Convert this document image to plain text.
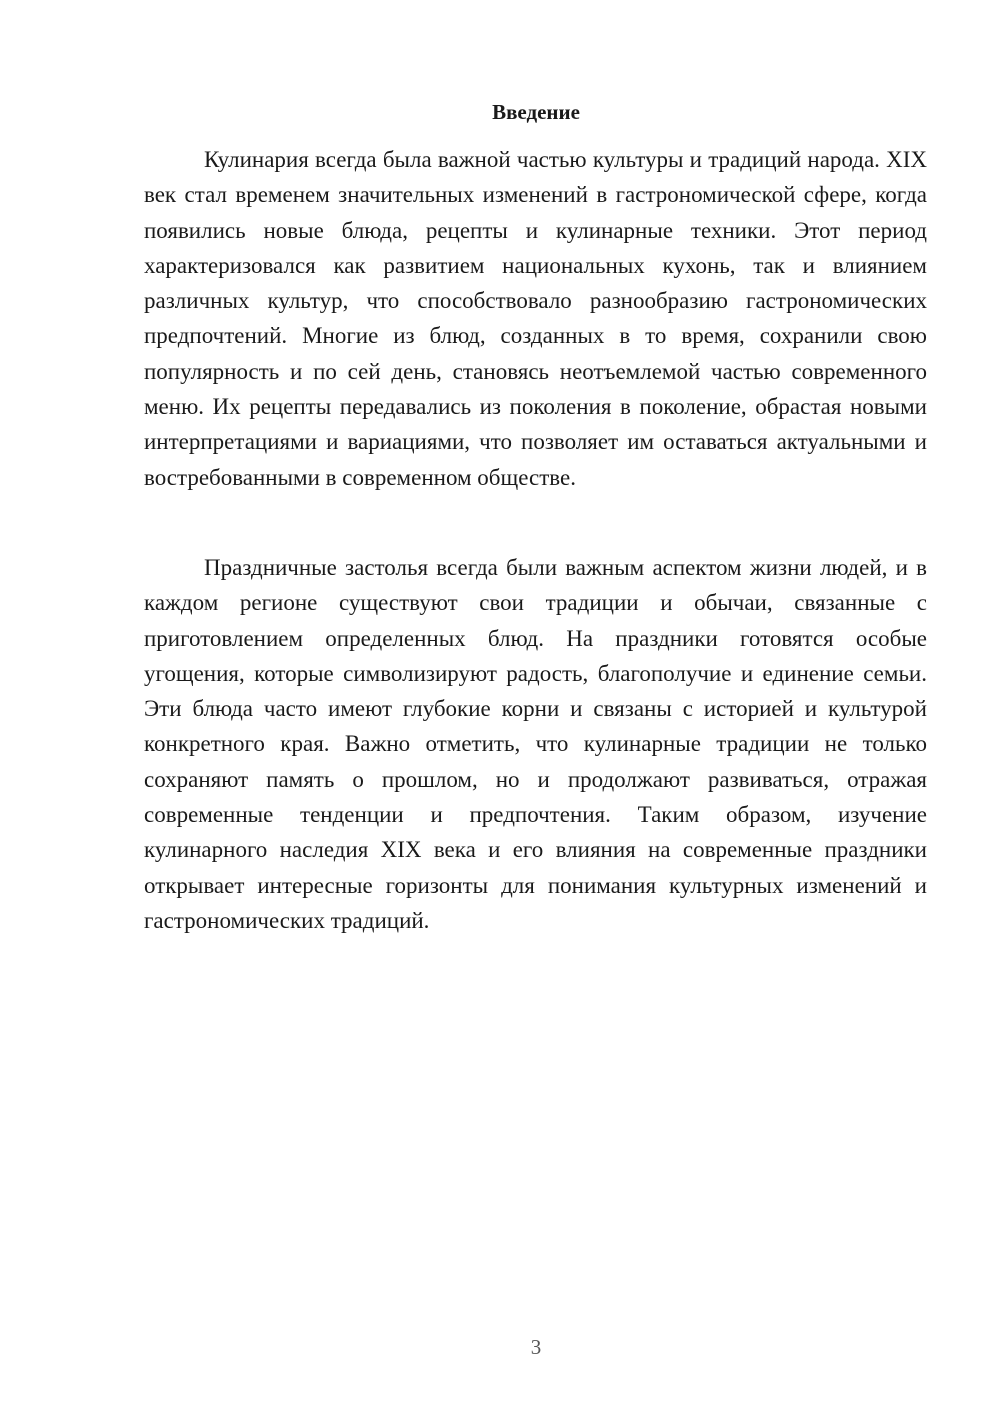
Введение

Кулинария всегда была важной частью культуры и традиций народа. XIX век стал временем значительных изменений в гастрономической сфере, когда появились новые блюда, рецепты и кулинарные техники. Этот период характеризовался как развитием национальных кухонь, так и влиянием различных культур, что способствовало разнообразию гастрономических предпочтений. Многие из блюд, созданных в то время, сохранили свою популярность и по сей день, становясь неотъемлемой частью современного меню. Их рецепты передавались из поколения в поколение, обрастая новыми интерпретациями и вариациями, что позволяет им оставаться актуальными и востребованными в современном обществе.

Праздничные застолья всегда были важным аспектом жизни людей, и в каждом регионе существуют свои традиции и обычаи, связанные с приготовлением определенных блюд. На праздники готовятся особые угощения, которые символизируют радость, благополучие и единение семьи. Эти блюда часто имеют глубокие корни и связаны с историей и культурой конкретного края. Важно отметить, что кулинарные традиции не только сохраняют память о прошлом, но и продолжают развиваться, отражая современные тенденции и предпочтения. Таким образом, изучение кулинарного наследия XIX века и его влияния на современные праздники открывает интересные горизонты для понимания культурных изменений и гастрономических традиций.

3
